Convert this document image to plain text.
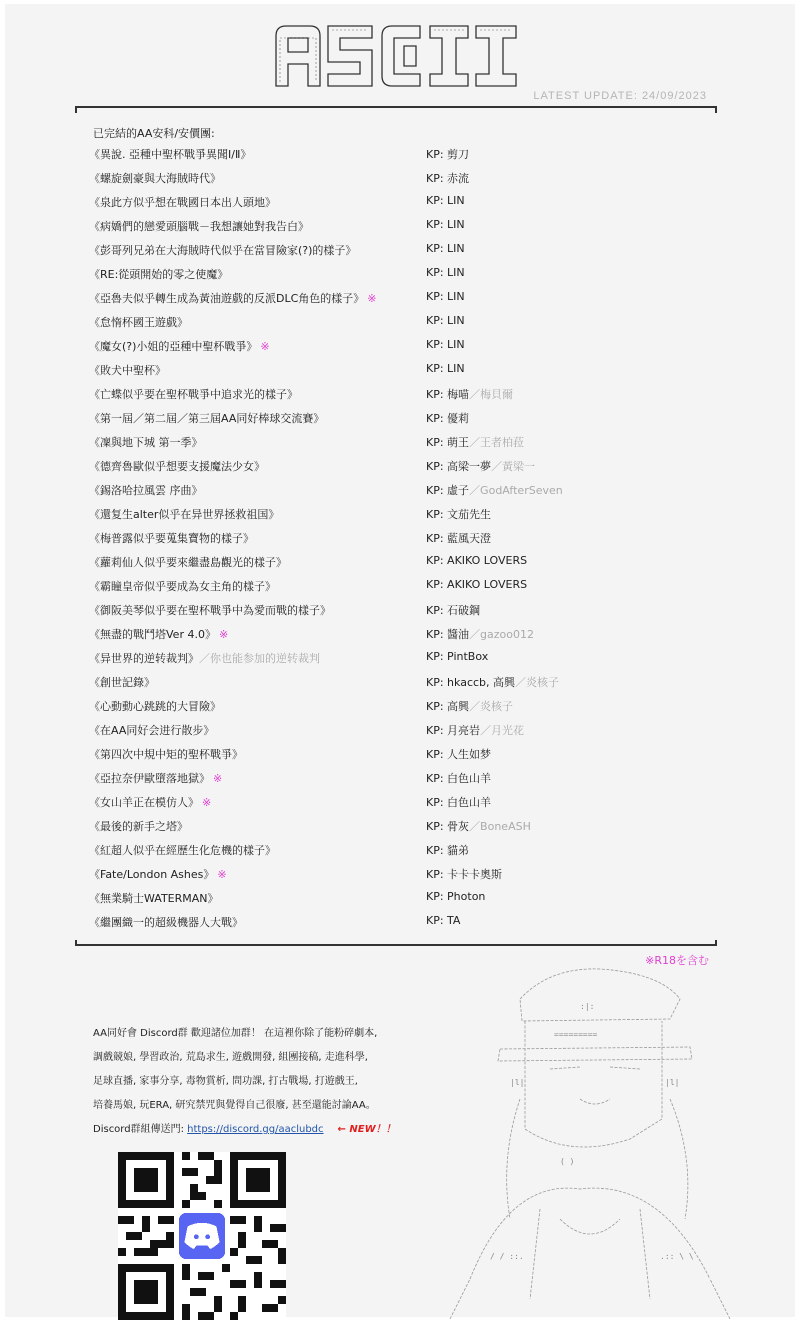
LATEST UPDATE: 24/09/2023
已完結的AA安科/安價團:
《異說. 亞種中聖杯戰爭異聞Ⅰ/Ⅱ》	KP: 剪刀
《螺旋劍豪與大海賊時代》	KP: 赤流
《泉此方似乎想在戰國日本出人頭地》	KP: LIN
《病嬌們的戀愛頭腦戰－我想讓她對我告白》	KP: LIN
《彭哥列兄弟在大海賊時代似乎在當冒險家(?)的樣子》	KP: LIN
《RE:從頭開始的零之使魔》	KP: LIN
《亞魯夫似乎轉生成為黃油遊戲的反派DLC角色的樣子》 ※	KP: LIN
《怠惰杯國王遊戲》	KP: LIN
《魔女(?)小姐的亞種中聖杯戰爭》 ※	KP: LIN
《敗犬中聖杯》	KP: LIN
《亡蝶似乎要在聖杯戰爭中追求光的樣子》	KP: 梅喵／梅貝爾
《第一屆／第二屆／第三屆AA同好棒球交流賽》	KP: 優莉
《凜與地下城 第一季》	KP: 萌王／王者柏菈
《德齊魯歐似乎想要支援魔法少女》	KP: 高梁一夢／黃梁一
《錫洛哈拉風雲 序曲》	KP: 虛子／GodAfterSeven
《還复生alter似乎在异世界拯救祖国》	KP: 文茄先生
《梅普露似乎要蒐集寶物的樣子》	KP: 藍風天澄
《蘿莉仙人似乎要來繼盡島觀光的樣子》	KP: AKIKO LOVERS
《霸瞳皇帝似乎要成為女主角的樣子》	KP: AKIKO LOVERS
《御阪美琴似乎要在聖杯戰爭中為愛而戰的樣子》	KP: 石破鋼
《無盡的戰鬥塔Ver 4.0》 ※	KP: 醬油／gazoo012
《异世界的逆转裁判》／你也能参加的逆转裁判	KP: PintBox
《創世記錄》	KP: hkaccb, 高興／炎核子
《心動動心跳跳的大冒險》	KP: 高興／炎核子
《在AA同好会进行散步》	KP: 月亮岩／月光花
《第四次中規中矩的聖杯戰爭》	KP: 人生如梦
《亞拉奈伊歐墮落地獄》 ※	KP: 白色山羊
《女山羊正在模仿人》 ※	KP: 白色山羊
《最後的新手之塔》	KP: 骨灰／BoneASH
《紅超人似乎在經歷生化危機的樣子》	KP: 貓弟
《Fate/London Ashes》 ※	KP: 卡卡卡奧斯
《無業騎士WATERMAN》	KP: Photon
《繼團織一的超級機器人大戰》	KP: TA
※R18を含む
AA同好會 Discord群 歡迎諸位加群！ 在這裡你除了能粉碎劇本,
調戲競娘, 學習政治, 荒島求生, 遊戲開發, 組團接稿, 走進科學,
足球直播, 家事分享, 毒物賞析, 問功課, 打古戰場, 打遊戲王,
培養馬娘, 玩ERA, 研究禁咒與覺得自己很廢, 甚至還能討論AA。
Discord群組傳送門: https://discord.gg/aaclubdc ← NEW！！
:|:
=========
|l|	|l|
( )
/ / ::.	.:: \ \
